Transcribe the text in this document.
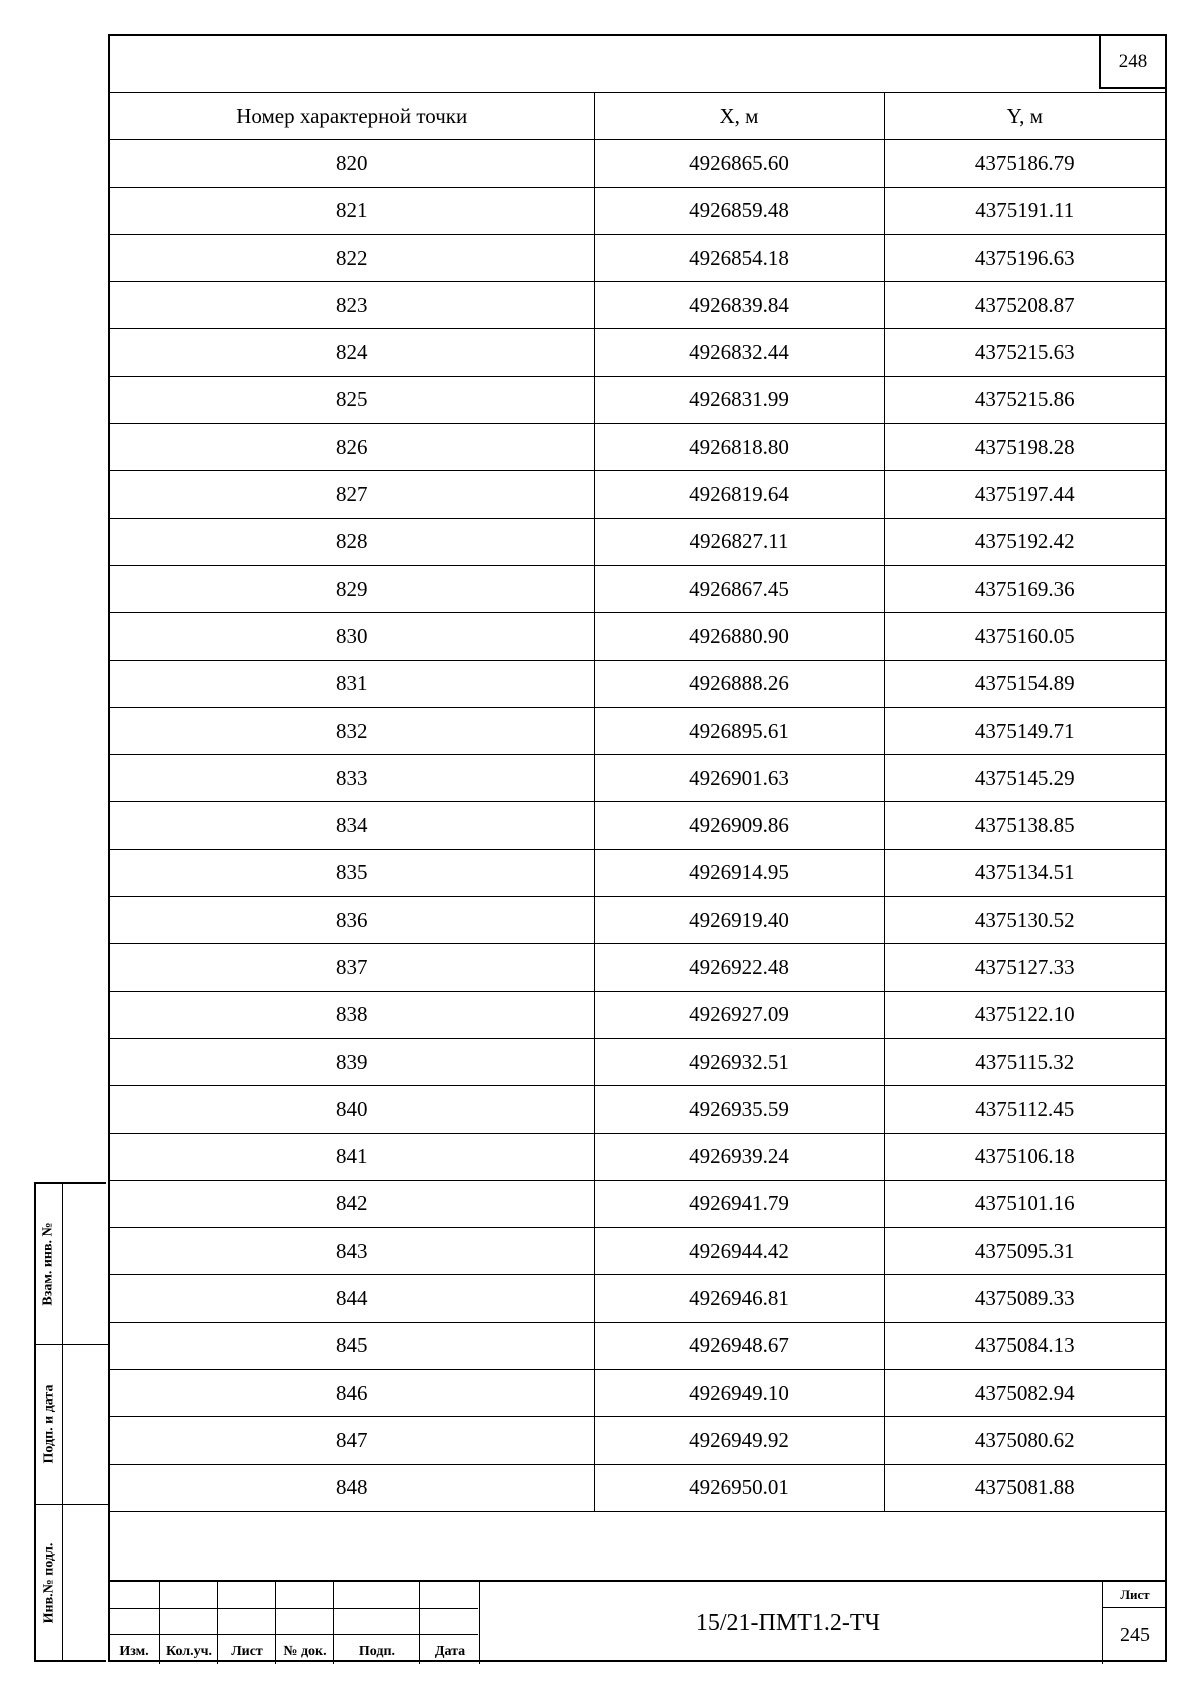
248
Номер характерной точки	X, м	Y, м
820	4926865.60	4375186.79
821	4926859.48	4375191.11
822	4926854.18	4375196.63
823	4926839.84	4375208.87
824	4926832.44	4375215.63
825	4926831.99	4375215.86
826	4926818.80	4375198.28
827	4926819.64	4375197.44
828	4926827.11	4375192.42
829	4926867.45	4375169.36
830	4926880.90	4375160.05
831	4926888.26	4375154.89
832	4926895.61	4375149.71
833	4926901.63	4375145.29
834	4926909.86	4375138.85
835	4926914.95	4375134.51
836	4926919.40	4375130.52
837	4926922.48	4375127.33
838	4926927.09	4375122.10
839	4926932.51	4375115.32
840	4926935.59	4375112.45
841	4926939.24	4375106.18
842	4926941.79	4375101.16
843	4926944.42	4375095.31
844	4926946.81	4375089.33
845	4926948.67	4375084.13
846	4926949.10	4375082.94
847	4926949.92	4375080.62
848	4926950.01	4375081.88
Взам. инв. №
Подп. и дата
Инв.№ подл.
Изм.	Кол.уч.	Лист	№ док.	Подп.	Дата
15/21-ПМТ1.2-ТЧ
Лист
245
